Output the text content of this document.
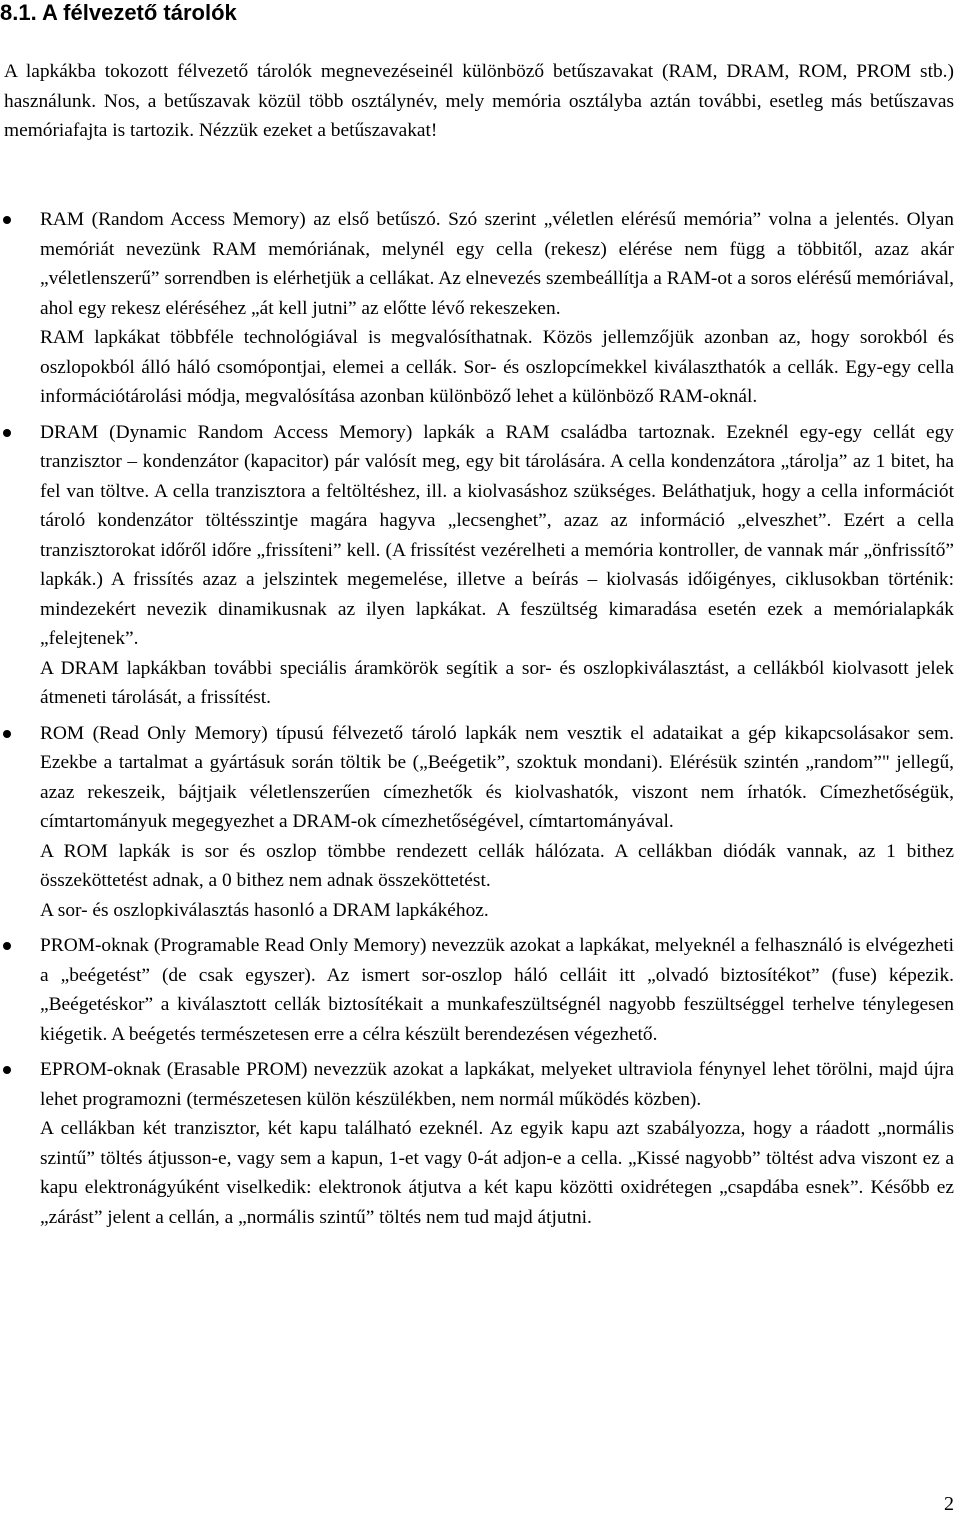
8.1. A félvezető tárolók

A lapkákba tokozott félvezető tárolók megnevezéseinél különböző betűszavakat (RAM, DRAM, ROM, PROM stb.) használunk. Nos, a betűszavak közül több osztálynév, mely memória osztályba aztán további, esetleg más betűszavas memóriafajta is tartozik. Nézzük ezeket a betűszavakat!

RAM (Random Access Memory) az első betűszó. Szó szerint „véletlen elérésű memória” volna a jelentés. Olyan memóriát nevezünk RAM memóriának, melynél egy cella (rekesz) elérése nem függ a többitől, azaz akár „véletlenszerű” sorrendben is elérhetjük a cellákat. Az elnevezés szembeállítja a RAM-ot a soros elérésű memóriával, ahol egy rekesz eléréséhez „át kell jutni” az előtte lévő rekeszeken.

RAM lapkákat többféle technológiával is megvalósíthatnak. Közös jellemzőjük azonban az, hogy sorokból és oszlopokból álló háló csomópontjai, elemei a cellák. Sor- és oszlopcímekkel kiválaszthatók a cellák. Egy-egy cella információtárolási módja, megvalósítása azonban különböző lehet a különböző RAM-oknál.

DRAM (Dynamic Random Access Memory) lapkák a RAM családba tartoznak. Ezeknél egy-egy cellát egy tranzisztor – kondenzátor (kapacitor) pár valósít meg, egy bit tárolására. A cella kondenzátora „tárolja” az 1 bitet, ha fel van töltve. A cella tranzisztora a feltöltéshez, ill. a kiolvasáshoz szükséges. Beláthatjuk, hogy a cella információt tároló kondenzátor töltésszintje magára hagyva „lecsenghet”, azaz az információ „elveszhet”. Ezért a cella tranzisztorokat időről időre „frissíteni” kell. (A frissítést vezérelheti a memória kontroller, de vannak már „önfrissítő” lapkák.) A frissítés azaz a jelszintek megemelése, illetve a beírás – kiolvasás időigényes, ciklusokban történik: mindezekért nevezik dinamikusnak az ilyen lapkákat. A feszültség kimaradása esetén ezek a memórialapkák „felejtenek”.

A DRAM lapkákban további speciális áramkörök segítik a sor- és oszlopkiválasztást, a cellákból kiolvasott jelek átmeneti tárolását, a frissítést.

ROM (Read Only Memory) típusú félvezető tároló lapkák nem vesztik el adataikat a gép kikapcsolásakor sem. Ezekbe a tartalmat a gyártásuk során töltik be („Beégetik”, szoktuk mondani). Elérésük szintén „random”" jellegű, azaz rekeszeik, bájtjaik véletlenszerűen címezhetők és kiolvashatók, viszont nem írhatók. Címezhetőségük, címtartományuk megegyezhet a DRAM-ok címezhetőségével, címtartományával.

A ROM lapkák is sor és oszlop tömbbe rendezett cellák hálózata. A cellákban diódák vannak, az 1 bithez összeköttetést adnak, a 0 bithez nem adnak összeköttetést.

A sor- és oszlopkiválasztás hasonló a DRAM lapkákéhoz.

PROM-oknak (Programable Read Only Memory) nevezzük azokat a lapkákat, melyeknél a felhasználó is elvégezheti a „beégetést” (de csak egyszer). Az ismert sor-oszlop háló celláit itt „olvadó biztosítékot” (fuse) képezik. „Beégetéskor” a kiválasztott cellák biztosítékait a munkafeszültségnél nagyobb feszültséggel terhelve ténylegesen kiégetik. A beégetés természetesen erre a célra készült berendezésen végezhető.

EPROM-oknak (Erasable PROM) nevezzük azokat a lapkákat, melyeket ultraviola fénynyel lehet törölni, majd újra lehet programozni (természetesen külön készülékben, nem normál működés közben).

A cellákban két tranzisztor, két kapu található ezeknél. Az egyik kapu azt szabályozza, hogy a ráadott „normális szintű” töltés átjusson-e, vagy sem a kapun, 1-et vagy 0-át adjon-e a cella. „Kissé nagyobb” töltést adva viszont ez a kapu elektronágyúként viselkedik: elektronok átjutva a két kapu közötti oxidrétegen „csapdába esnek”. Később ez „zárást” jelent a cellán, a „normális szintű” töltés nem tud majd átjutni.

2
